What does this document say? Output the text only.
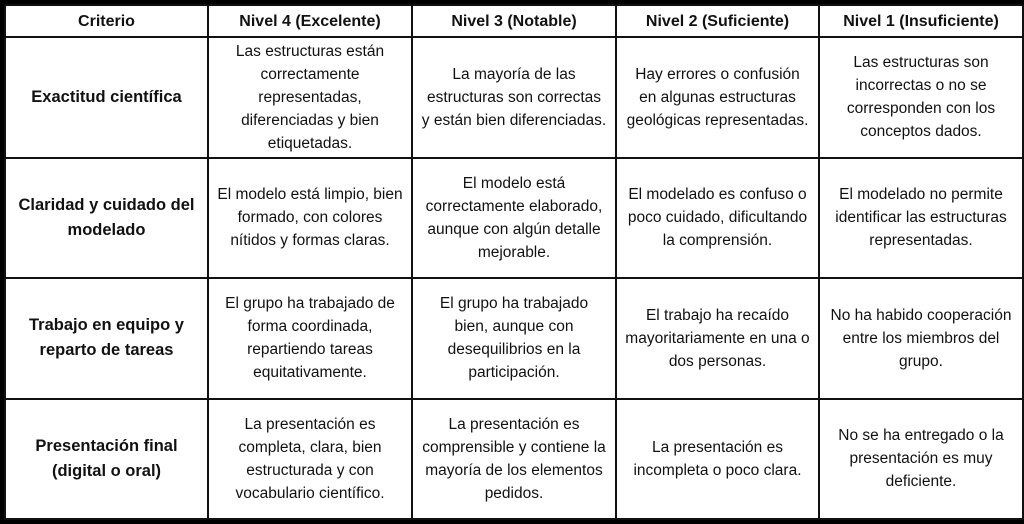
Criterio	Nivel 4 (Excelente)	Nivel 3 (Notable)	Nivel 2 (Suficiente)	Nivel 1 (Insuficiente)
Exactitud científica	Las estructuras están correctamente representadas, diferenciadas y bien etiquetadas.	La mayoría de las estructuras son correctas y están bien diferenciadas.	Hay errores o confusión en algunas estructuras geológicas representadas.	Las estructuras son incorrectas o no se corresponden con los conceptos dados.
Claridad y cuidado del modelado	El modelo está limpio, bien formado, con colores nítidos y formas claras.	El modelo está correctamente elaborado, aunque con algún detalle mejorable.	El modelado es confuso o poco cuidado, dificultando la comprensión.	El modelado no permite identificar las estructuras representadas.
Trabajo en equipo y reparto de tareas	El grupo ha trabajado de forma coordinada, repartiendo tareas equitativamente.	El grupo ha trabajado bien, aunque con desequilibrios en la participación.	El trabajo ha recaído mayoritariamente en una o dos personas.	No ha habido cooperación entre los miembros del grupo.
Presentación final (digital o oral)	La presentación es completa, clara, bien estructurada y con vocabulario científico.	La presentación es comprensible y contiene la mayoría de los elementos pedidos.	La presentación es incompleta o poco clara.	No se ha entregado o la presentación es muy deficiente.
